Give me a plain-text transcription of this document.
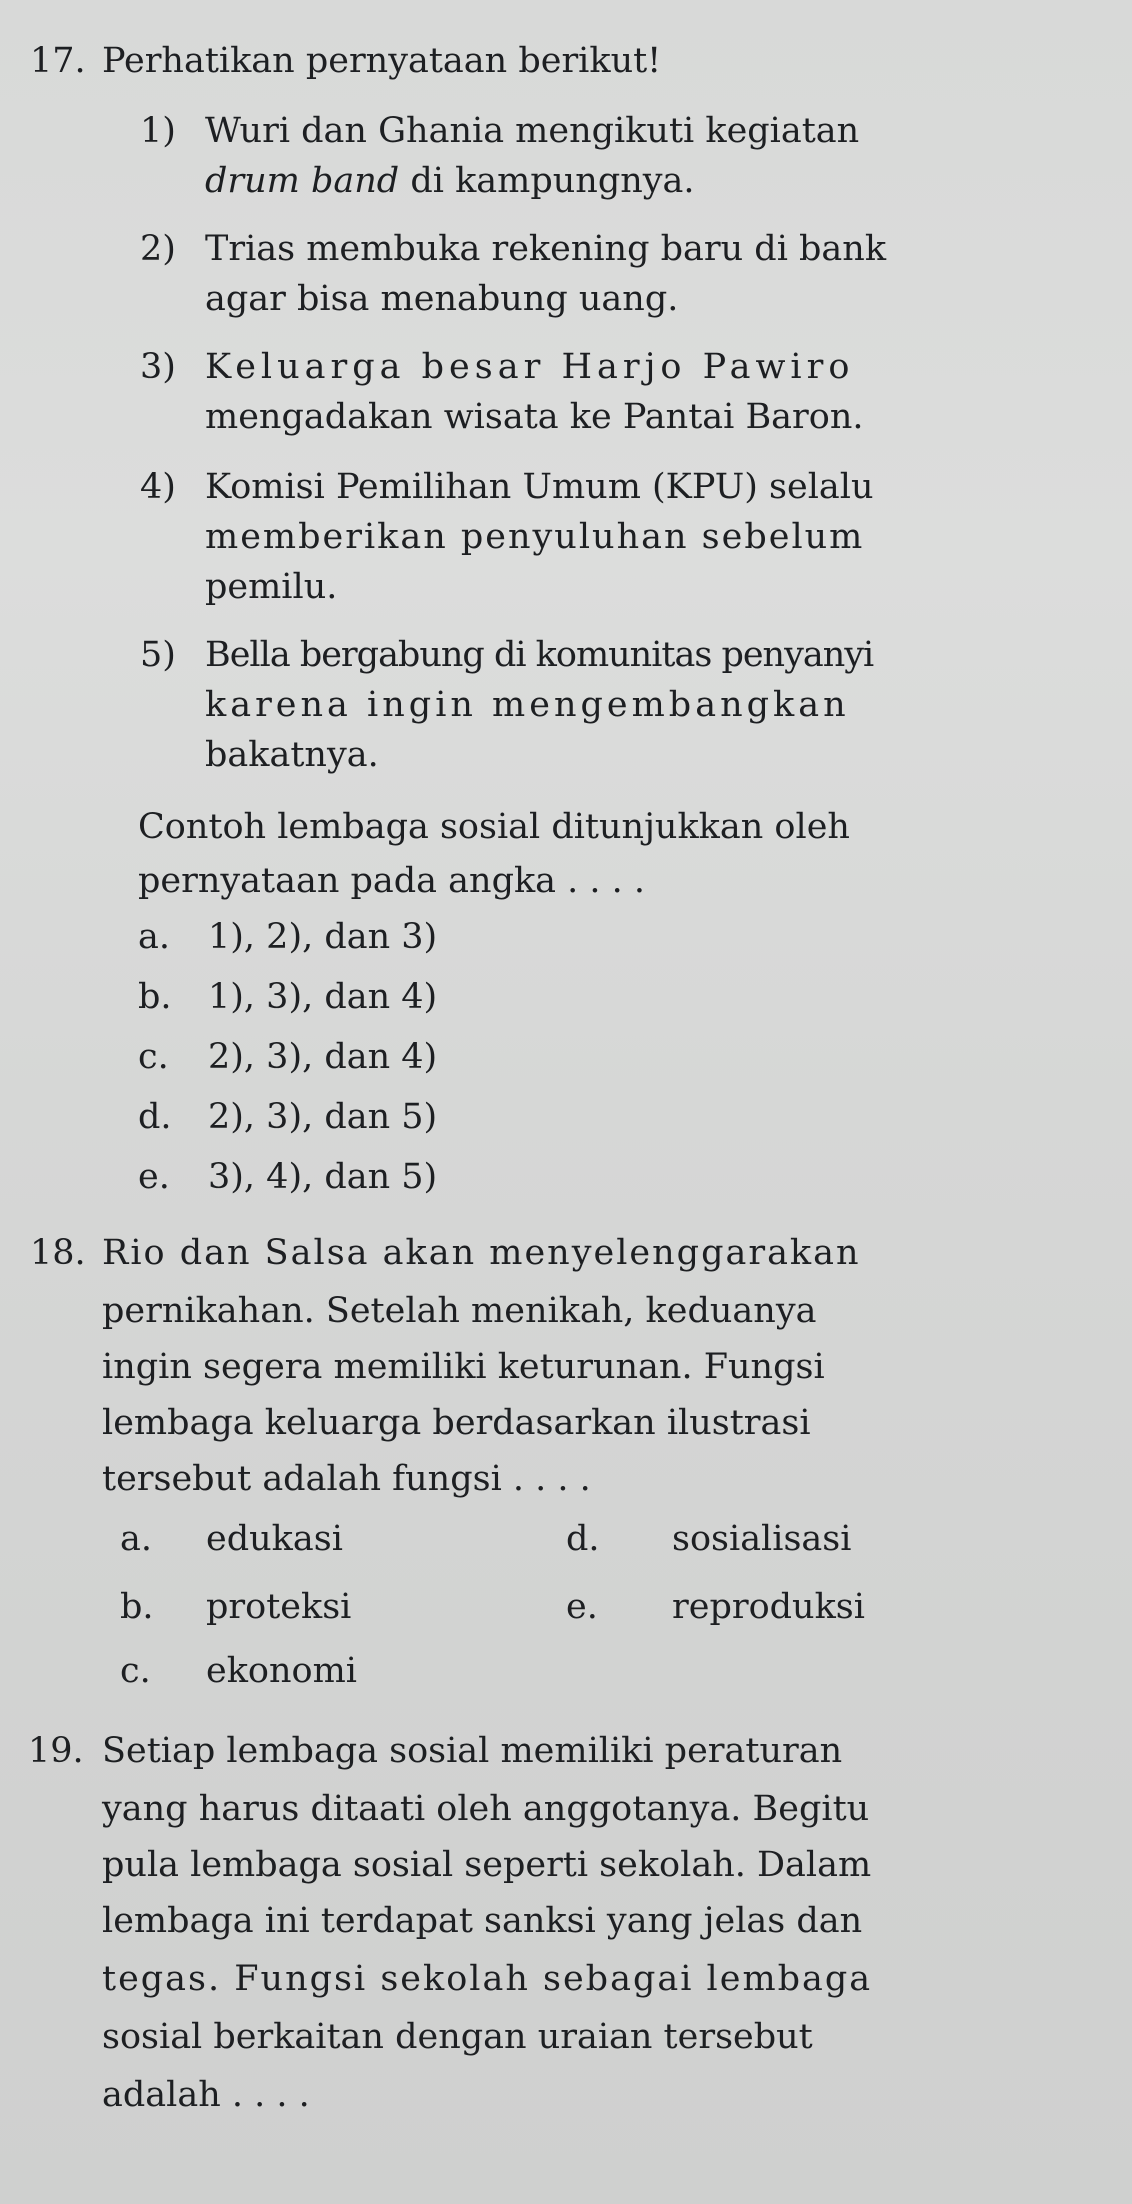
17. Perhatikan pernyataan berikut!
1) Wuri dan Ghania mengikuti kegiatan
drum band di kampungnya.
2) Trias membuka rekening baru di bank
agar bisa menabung uang.
3) Keluarga besar Harjo Pawiro
mengadakan wisata ke Pantai Baron.
4) Komisi Pemilihan Umum (KPU) selalu
memberikan penyuluhan sebelum
pemilu.
5) Bella bergabung di komunitas penyanyi
karena ingin mengembangkan
bakatnya.
Contoh lembaga sosial ditunjukkan oleh
pernyataan pada angka . . . .
a. 1), 2), dan 3)
b. 1), 3), dan 4)
c. 2), 3), dan 4)
d. 2), 3), dan 5)
e. 3), 4), dan 5)
18. Rio dan Salsa akan menyelenggarakan
pernikahan. Setelah menikah, keduanya
ingin segera memiliki keturunan. Fungsi
lembaga keluarga berdasarkan ilustrasi
tersebut adalah fungsi . . . .
a. edukasi	d. sosialisasi
b. proteksi	e. reproduksi
c. ekonomi
19. Setiap lembaga sosial memiliki peraturan
yang harus ditaati oleh anggotanya. Begitu
pula lembaga sosial seperti sekolah. Dalam
lembaga ini terdapat sanksi yang jelas dan
tegas. Fungsi sekolah sebagai lembaga
sosial berkaitan dengan uraian tersebut
adalah . . . .
